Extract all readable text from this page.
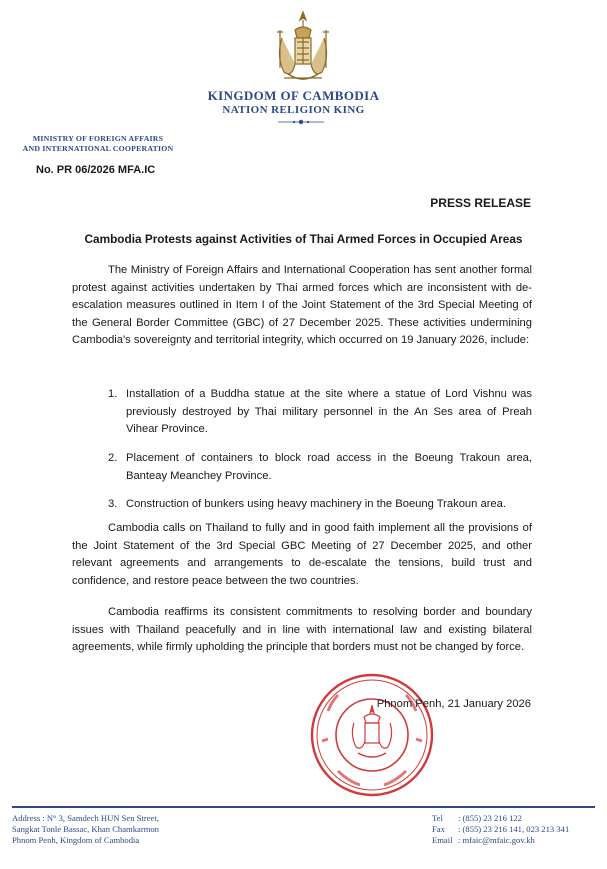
KINGDOM OF CAMBODIA
NATION RELIGION KING
MINISTRY OF FOREIGN AFFAIRS
AND INTERNATIONAL COOPERATION
No. PR 06/2026 MFA.IC
PRESS RELEASE
Cambodia Protests against Activities of Thai Armed Forces in Occupied Areas
The Ministry of Foreign Affairs and International Cooperation has sent another formal protest against activities undertaken by Thai armed forces which are inconsistent with de-escalation measures outlined in Item I of the Joint Statement of the 3rd Special Meeting of the General Border Committee (GBC) of 27 December 2025. These activities undermining Cambodia's sovereignty and territorial integrity, which occurred on 19 January 2026, include:
1. Installation of a Buddha statue at the site where a statue of Lord Vishnu was previously destroyed by Thai military personnel in the An Ses area of Preah Vihear Province.
2. Placement of containers to block road access in the Boeung Trakoun area, Banteay Meanchey Province.
3. Construction of bunkers using heavy machinery in the Boeung Trakoun area.
Cambodia calls on Thailand to fully and in good faith implement all the provisions of the Joint Statement of the 3rd Special GBC Meeting of 27 December 2025, and other relevant agreements and arrangements to de-escalate the tensions, build trust and confidence, and restore peace between the two countries.
Cambodia reaffirms its consistent commitments to resolving border and boundary issues with Thailand peacefully and in line with international law and existing bilateral agreements, while firmly upholding the principle that borders must not be changed by force.
Phnom Penh, 21 January 2026
Address : N° 3, Samdech HUN Sen Street,
Sangkat Tonle Bassac, Khan Chamkarmon
Phnom Penh, Kingdom of Cambodia
Tel	: (855) 23 216 122
Fax	: (855) 23 216 141, 023 213 341
Email : mfaic@mfaic.gov.kh
